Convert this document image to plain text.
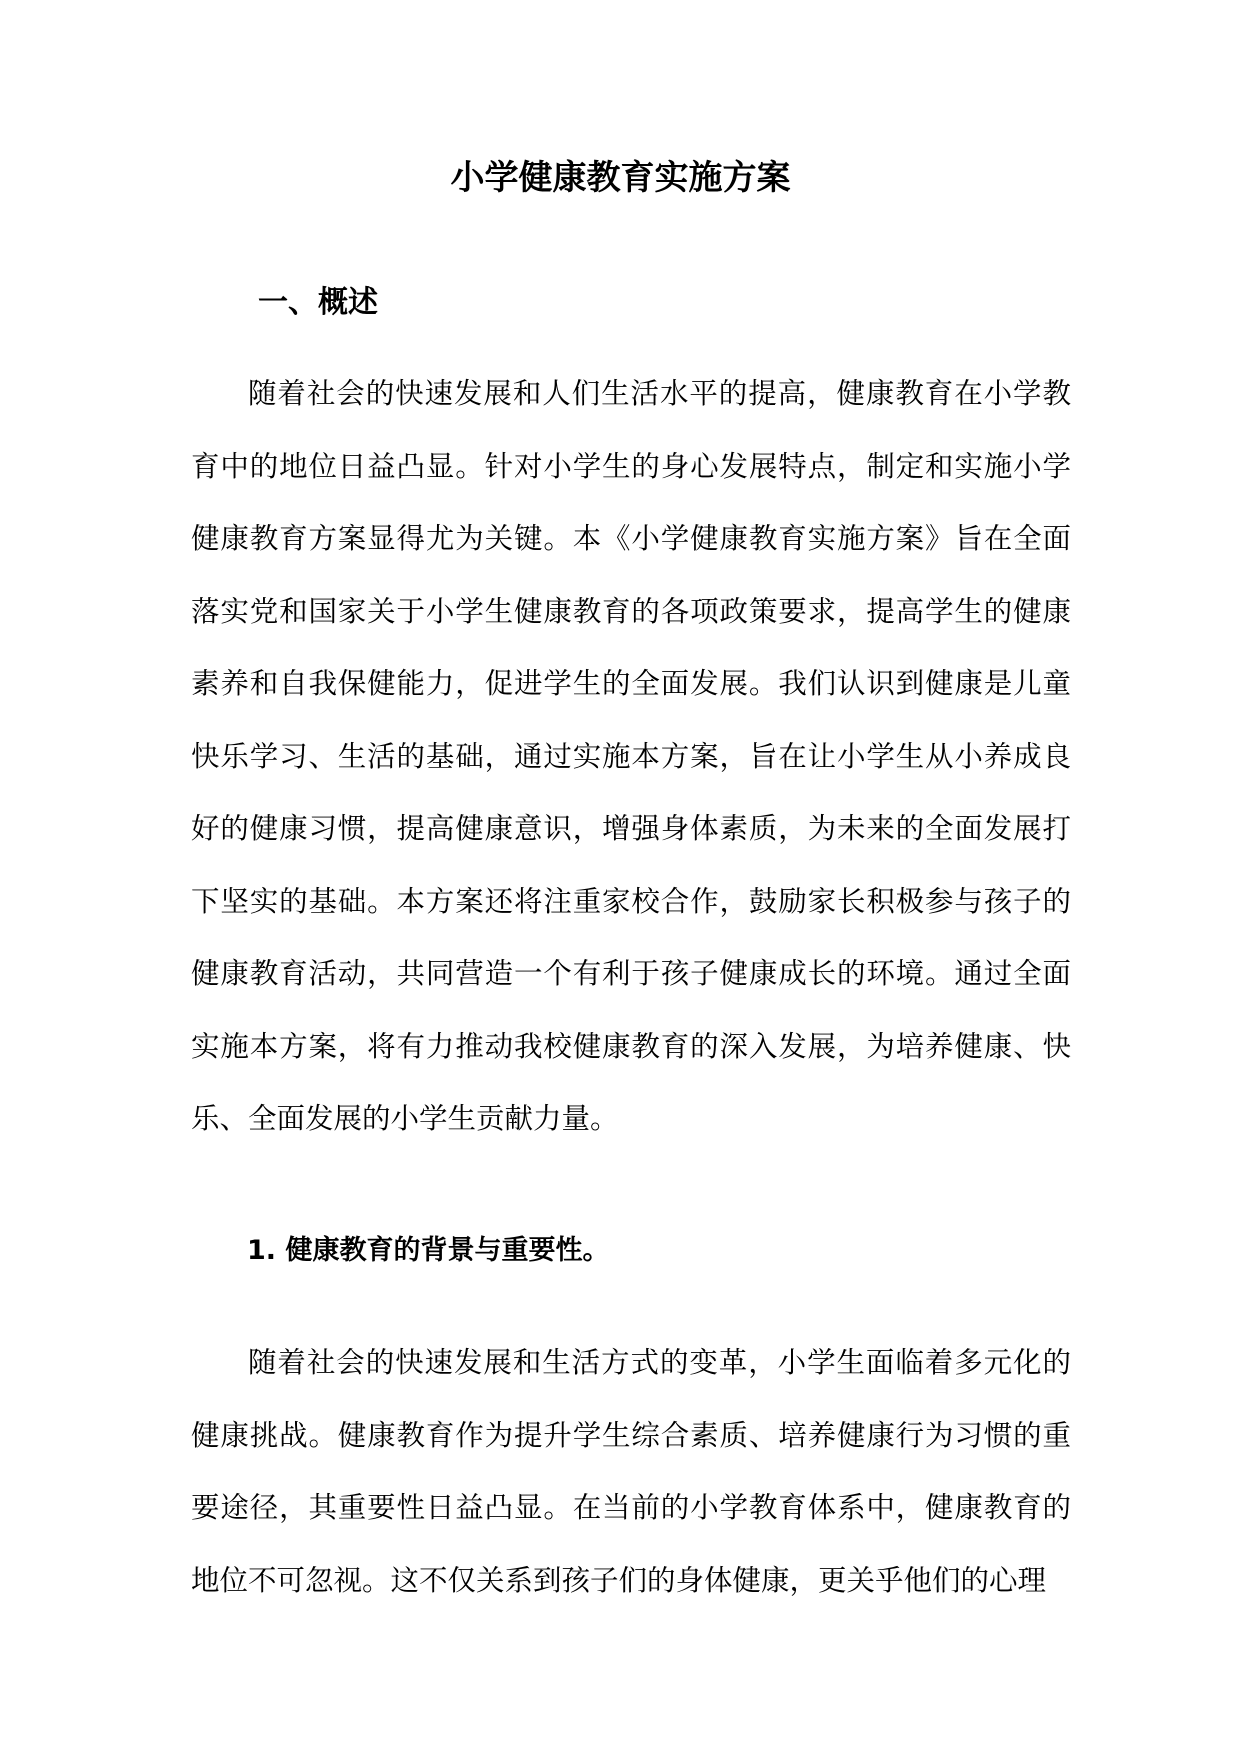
小学健康教育实施方案
一、概述

随着社会的快速发展和人们生活水平的提高，健康教育在小学教育中的地位日益凸显。针对小学生的身心发展特点，制定和实施小学健康教育方案显得尤为关键。本《小学健康教育实施方案》旨在全面落实党和国家关于小学生健康教育的各项政策要求，提高学生的健康素养和自我保健能力，促进学生的全面发展。我们认识到健康是儿童快乐学习、生活的基础，通过实施本方案，旨在让小学生从小养成良好的健康习惯，提高健康意识，增强身体素质，为未来的全面发展打下坚实的基础。本方案还将注重家校合作，鼓励家长积极参与孩子的健康教育活动，共同营造一个有利于孩子健康成长的环境。通过全面实施本方案，将有力推动我校健康教育的深入发展，为培养健康、快乐、全面发展的小学生贡献力量。

1. 健康教育的背景与重要性。

随着社会的快速发展和生活方式的变革，小学生面临着多元化的健康挑战。健康教育作为提升学生综合素质、培养健康行为习惯的重要途径，其重要性日益凸显。在当前的小学教育体系中，健康教育的地位不可忽视。这不仅关系到孩子们的身体健康，更关乎他们的心理
